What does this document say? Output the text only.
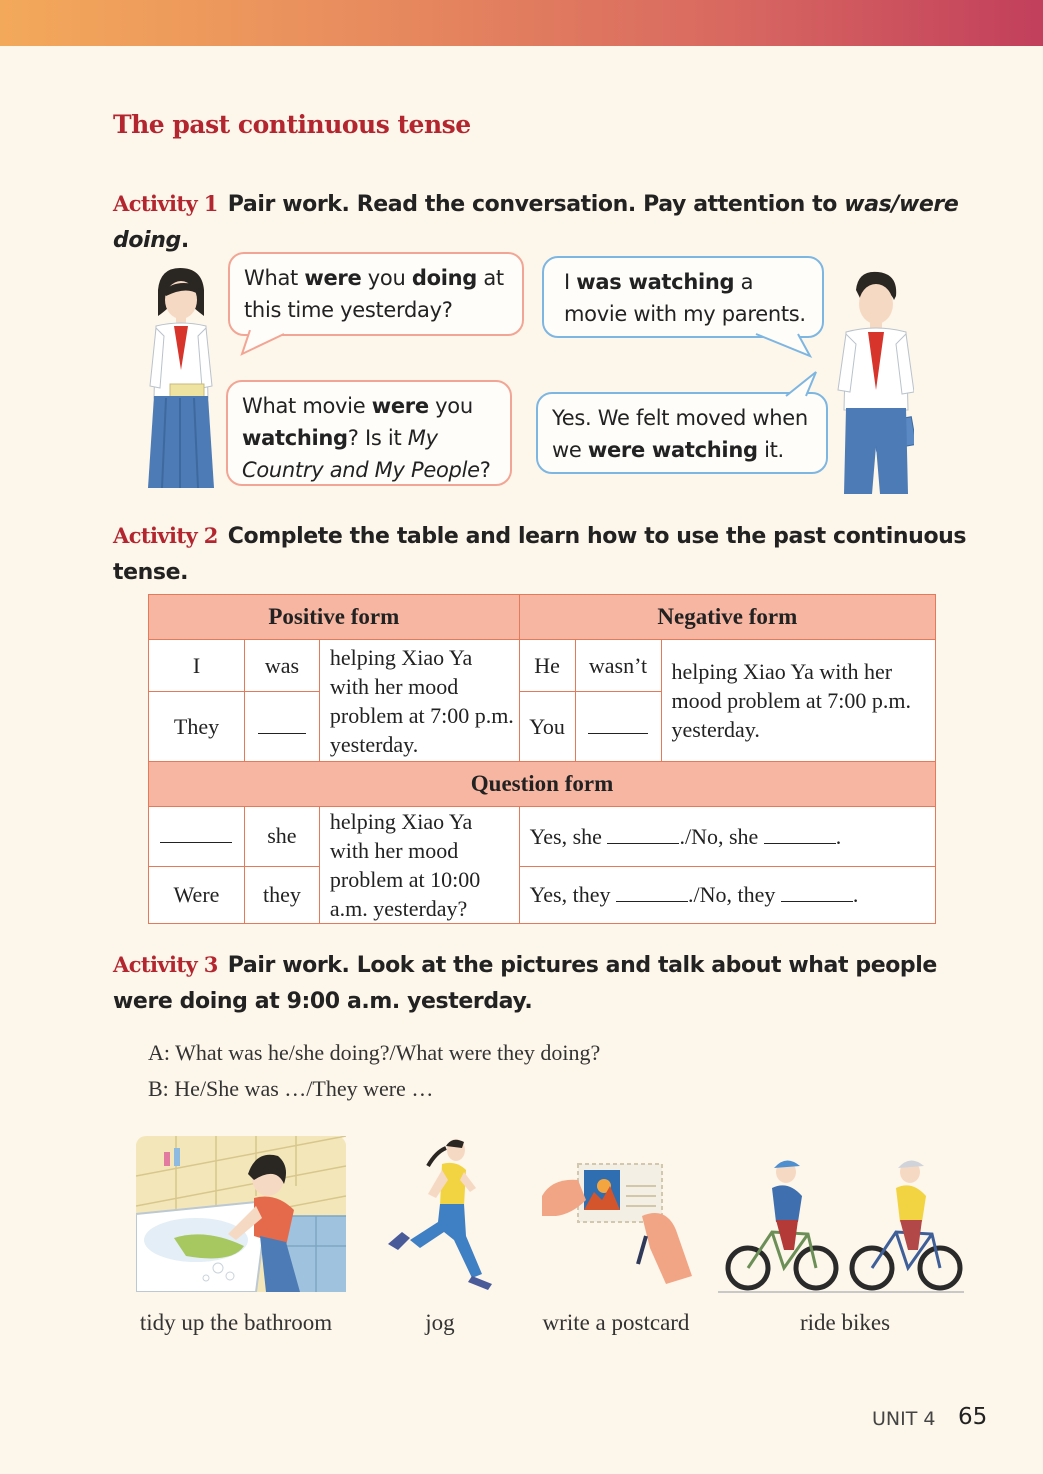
The past continuous tense
Activity 1 Pair work. Read the conversation. Pay attention to was/were doing.
What were you doing at this time yesterday?
I was watching a movie with my parents.
What movie were you watching? Is it My Country and My People?
Yes. We felt moved when we were watching it.
Activity 2 Complete the table and learn how to use the past continuous tense.
Positive form			Negative form		
I	was	helping Xiao Ya with her mood problem at 7:00 p.m. yesterday.	He	wasn’t	helping Xiao Ya with her mood problem at 7:00 p.m. yesterday.
They			You		
Question form					
	she	helping Xiao Ya with her mood problem at 10:00 a.m. yesterday?	Yes, she ./No, she .		
Were	they		Yes, they ./No, they .		
Activity 3 Pair work. Look at the pictures and talk about what people were doing at 9:00 a.m. yesterday.
A: What was he/she doing?/What were they doing?
B: He/She was …/They were …
tidy up the bathroom	jog	write a postcard	ride bikes
UNIT 4 65
